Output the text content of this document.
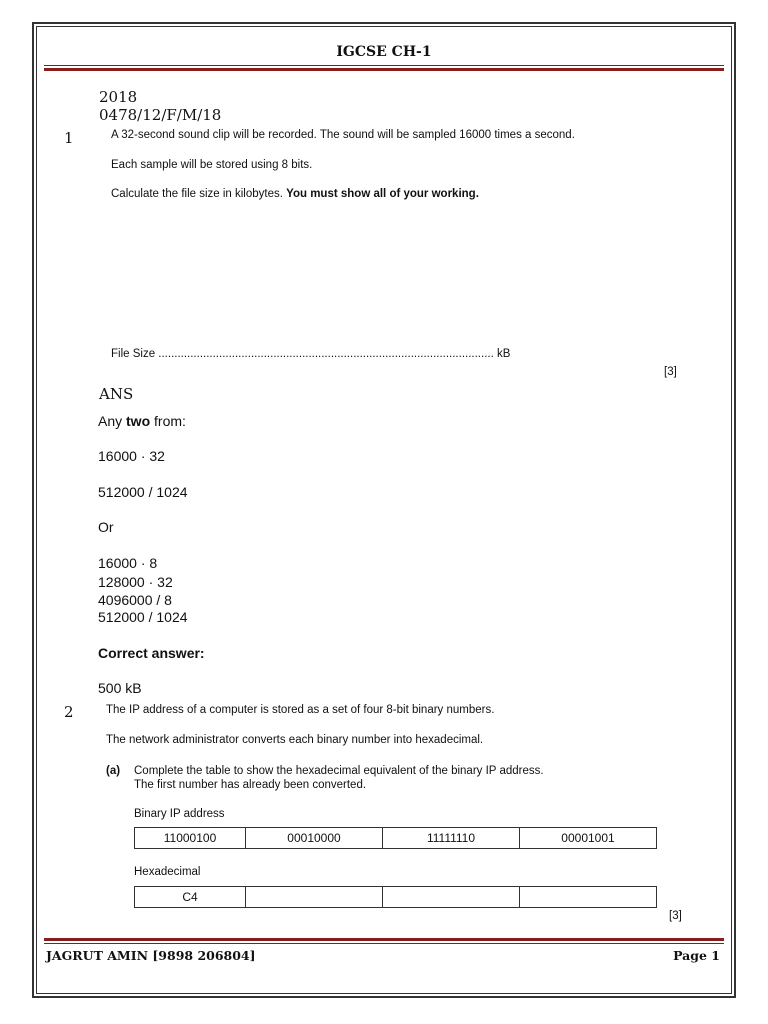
IGCSE CH-1
2018
0478/12/F/M/18
1	A 32-second sound clip will be recorded. The sound will be sampled 16000 times a second.
Each sample will be stored using 8 bits.
Calculate the file size in kilobytes. You must show all of your working.
File Size ......................................................................................................... kB
[3]
ANS
Any two from:
16000 · 32
512000 / 1024
Or
16000 · 8
128000 · 32
4096000 / 8
512000 / 1024
Correct answer:
500 kB
2	The IP address of a computer is stored as a set of four 8-bit binary numbers.
The network administrator converts each binary number into hexadecimal.
(a) Complete the table to show the hexadecimal equivalent of the binary IP address.
The first number has already been converted.
Binary IP address
11000100	00010000	11111110	00001001
Hexadecimal
C4			
[3]
JAGRUT AMIN [9898 206804]	Page 1
